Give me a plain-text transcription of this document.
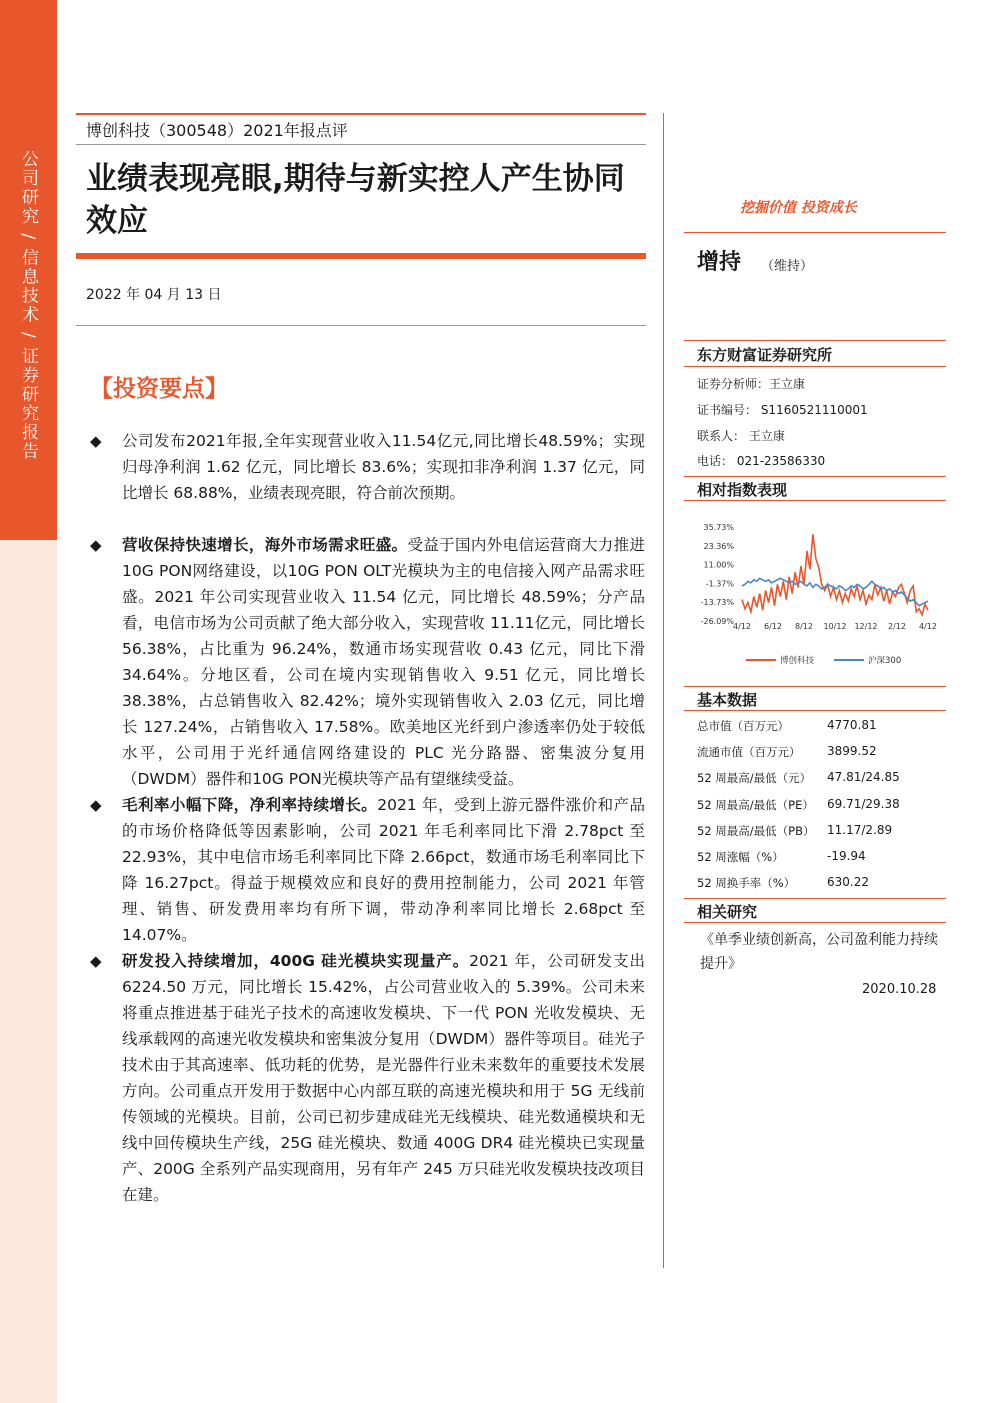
公司研究 / 信息技术 / 证券研究报告
博创科技（300548）2021年报点评
业绩表现亮眼,期待与新实控人产生协同效应
2022 年 04 月 13 日
【投资要点】
◆ 公司发布2021年报,全年实现营业收入11.54亿元,同比增长48.59%；实现归母净利润 1.62 亿元，同比增长 83.6%；实现扣非净利润 1.37 亿元，同比增长 68.88%，业绩表现亮眼，符合前次预期。
◆ 营收保持快速增长，海外市场需求旺盛。受益于国内外电信运营商大力推进10G PON网络建设，以10G PON OLT光模块为主的电信接入网产品需求旺盛。2021 年公司实现营业收入 11.54 亿元，同比增长 48.59%；分产品看，电信市场为公司贡献了绝大部分收入，实现营收 11.11亿元，同比增长 56.38%，占比重为 96.24%，数通市场实现营收 0.43 亿元，同比下滑 34.64%。分地区看，公司在境内实现销售收入 9.51 亿元，同比增长 38.38%，占总销售收入 82.42%；境外实现销售收入 2.03 亿元，同比增长 127.24%，占销售收入 17.58%。欧美地区光纤到户渗透率仍处于较低水平，公司用于光纤通信网络建设的 PLC 光分路器、密集波分复用（DWDM）器件和10G PON光模块等产品有望继续受益。
◆ 毛利率小幅下降，净利率持续增长。2021 年，受到上游元器件涨价和产品的市场价格降低等因素影响，公司 2021 年毛利率同比下滑 2.78pct 至 22.93%，其中电信市场毛利率同比下降 2.66pct，数通市场毛利率同比下降 16.27pct。得益于规模效应和良好的费用控制能力，公司 2021 年管理、销售、研发费用率均有所下调，带动净利率同比增长 2.68pct 至 14.07%。
◆ 研发投入持续增加，400G 硅光模块实现量产。2021 年，公司研发支出 6224.50 万元，同比增长 15.42%，占公司营业收入的 5.39%。公司未来将重点推进基于硅光子技术的高速收发模块、下一代 PON 光收发模块、无线承载网的高速光收发模块和密集波分复用（DWDM）器件等项目。硅光子技术由于其高速率、低功耗的优势，是光器件行业未来数年的重要技术发展方向。公司重点开发用于数据中心内部互联的高速光模块和用于 5G 无线前传领域的光模块。目前，公司已初步建成硅光无线模块、硅光数通模块和无线中回传模块生产线，25G 硅光模块、数通 400G DR4 硅光模块已实现量产、200G 全系列产品实现商用，另有年产 245 万只硅光收发模块技改项目在建。
挖掘价值 投资成长
增持 （维持）
东方财富证券研究所
证券分析师：王立康
证书编号： S1160521110001
联系人： 王立康
电话： 021-23586330
相对指数表现
35.73%
23.36%
11.00%
-1.37%
-13.73%
-26.09%
4/12 6/12 8/12 10/12 12/12 2/12 4/12
博创科技	沪深300
基本数据
总市值（百万元）	4770.81
流通市值（百万元） 3899.52
52 周最高/最低（元） 47.81/24.85
52 周最高/最低（PE） 69.71/29.38
52 周最高/最低（PB） 11.17/2.89
52 周涨幅（%）	-19.94
52 周换手率（%）	630.22
相关研究
《单季业绩创新高，公司盈利能力持续提升》
2020.10.28
